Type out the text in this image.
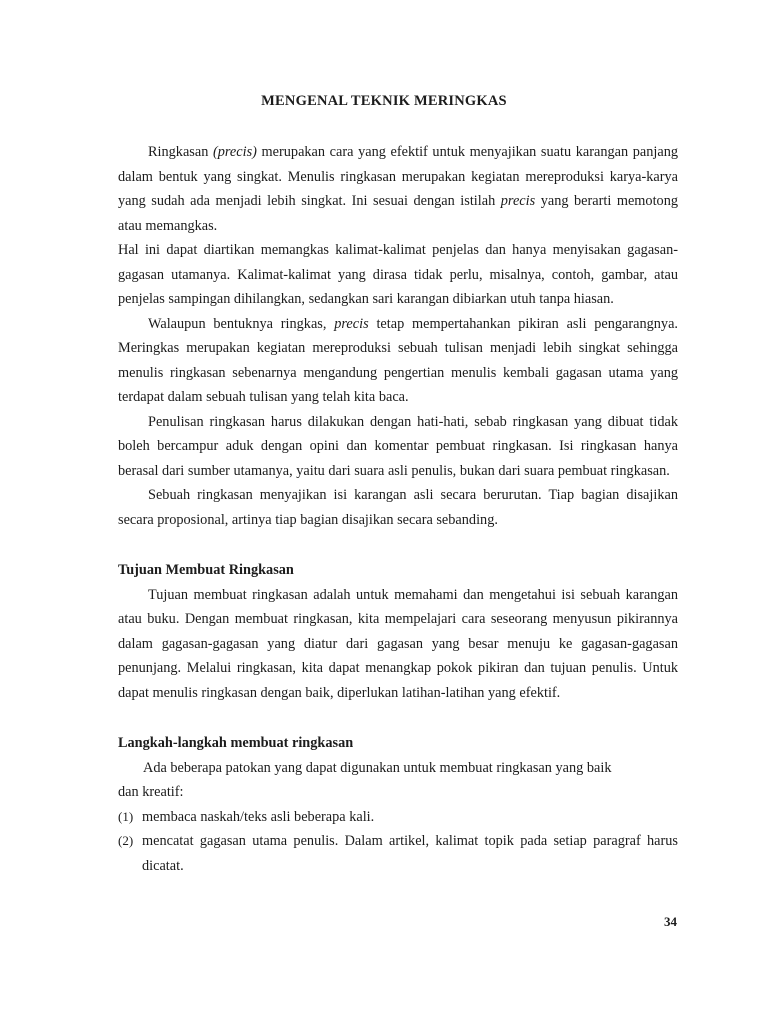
MENGENAL TEKNIK MERINGKAS

Ringkasan (precis) merupakan cara yang efektif untuk menyajikan suatu karangan panjang dalam bentuk yang singkat. Menulis ringkasan merupakan kegiatan mereproduksi karya-karya yang sudah ada menjadi lebih singkat. Ini sesuai dengan istilah precis yang berarti memotong atau memangkas.

Hal ini dapat diartikan memangkas kalimat-kalimat penjelas dan hanya menyisakan gagasan-gagasan utamanya. Kalimat-kalimat yang dirasa tidak perlu, misalnya, contoh, gambar, atau penjelas sampingan dihilangkan, sedangkan sari karangan dibiarkan utuh tanpa hiasan.

Walaupun bentuknya ringkas, precis tetap mempertahankan pikiran asli pengarangnya. Meringkas merupakan kegiatan mereproduksi sebuah tulisan menjadi lebih singkat sehingga menulis ringkasan sebenarnya mengandung pengertian menulis kembali gagasan utama yang terdapat dalam sebuah tulisan yang telah kita baca.

Penulisan ringkasan harus dilakukan dengan hati-hati, sebab ringkasan yang dibuat tidak boleh bercampur aduk dengan opini dan komentar pembuat ringkasan. Isi ringkasan hanya berasal dari sumber utamanya, yaitu dari suara asli penulis, bukan dari suara pembuat ringkasan.

Sebuah ringkasan menyajikan isi karangan asli secara berurutan. Tiap bagian disajikan secara proposional, artinya tiap bagian disajikan secara sebanding.

Tujuan Membuat Ringkasan

Tujuan membuat ringkasan adalah untuk memahami dan mengetahui isi sebuah karangan atau buku. Dengan membuat ringkasan, kita mempelajari cara seseorang menyusun pikirannya dalam gagasan-gagasan yang diatur dari gagasan yang besar menuju ke gagasan-gagasan penunjang. Melalui ringkasan, kita dapat menangkap pokok pikiran dan tujuan penulis. Untuk dapat menulis ringkasan dengan baik, diperlukan latihan-latihan yang efektif.

Langkah-langkah membuat ringkasan

Ada beberapa patokan yang dapat digunakan untuk membuat ringkasan yang baik dan kreatif:

(1) membaca naskah/teks asli beberapa kali.
(2) mencatat gagasan utama penulis. Dalam artikel, kalimat topik pada setiap paragraf harus dicatat.
34
